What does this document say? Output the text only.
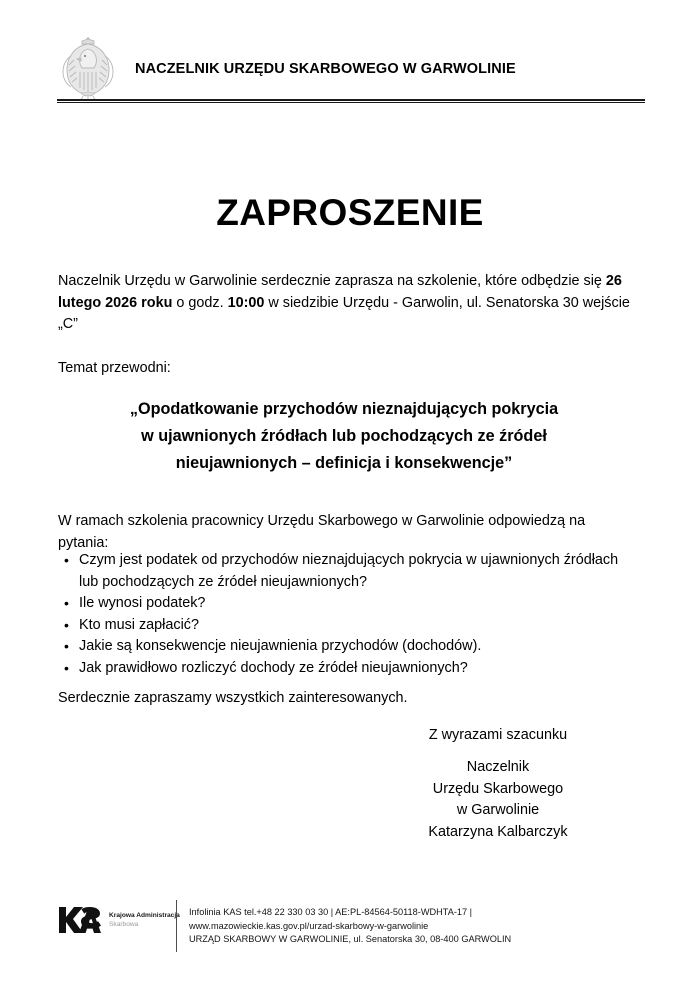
NACZELNIK URZĘDU SKARBOWEGO W GARWOLINIE
ZAPROSZENIE
Naczelnik Urzędu w Garwolinie serdecznie zaprasza na szkolenie, które odbędzie się 26 lutego 2026 roku o godz. 10:00 w siedzibie Urzędu - Garwolin, ul. Senatorska 30 wejście „C”
Temat przewodni:
„Opodatkowanie przychodów nieznajdujących pokrycia
w ujawnionych źródłach lub pochodzących ze źródeł
nieujawnionych – definicja i konsekwencje”
W ramach szkolenia pracownicy Urzędu Skarbowego w Garwolinie odpowiedzą na pytania:
• Czym jest podatek od przychodów nieznajdujących pokrycia w ujawnionych źródłach lub pochodzących ze źródeł nieujawnionych?
• Ile wynosi podatek?
• Kto musi zapłacić?
• Jakie są konsekwencje nieujawnienia przychodów (dochodów).
• Jak prawidłowo rozliczyć dochody ze źródeł nieujawnionych?
Serdecznie zapraszamy wszystkich zainteresowanych.
Z wyrazami szacunku
Naczelnik
Urzędu Skarbowego
w Garwolinie
Katarzyna Kalbarczyk
Krajowa Administracja
Skarbowa
Infolinia KAS tel.+48 22 330 03 30 | AE:PL-84564-50118-WDHTA-17 |
www.mazowieckie.kas.gov.pl/urzad-skarbowy-w-garwolinie
URZĄD SKARBOWY W GARWOLINIE, ul. Senatorska 30, 08-400 GARWOLIN
